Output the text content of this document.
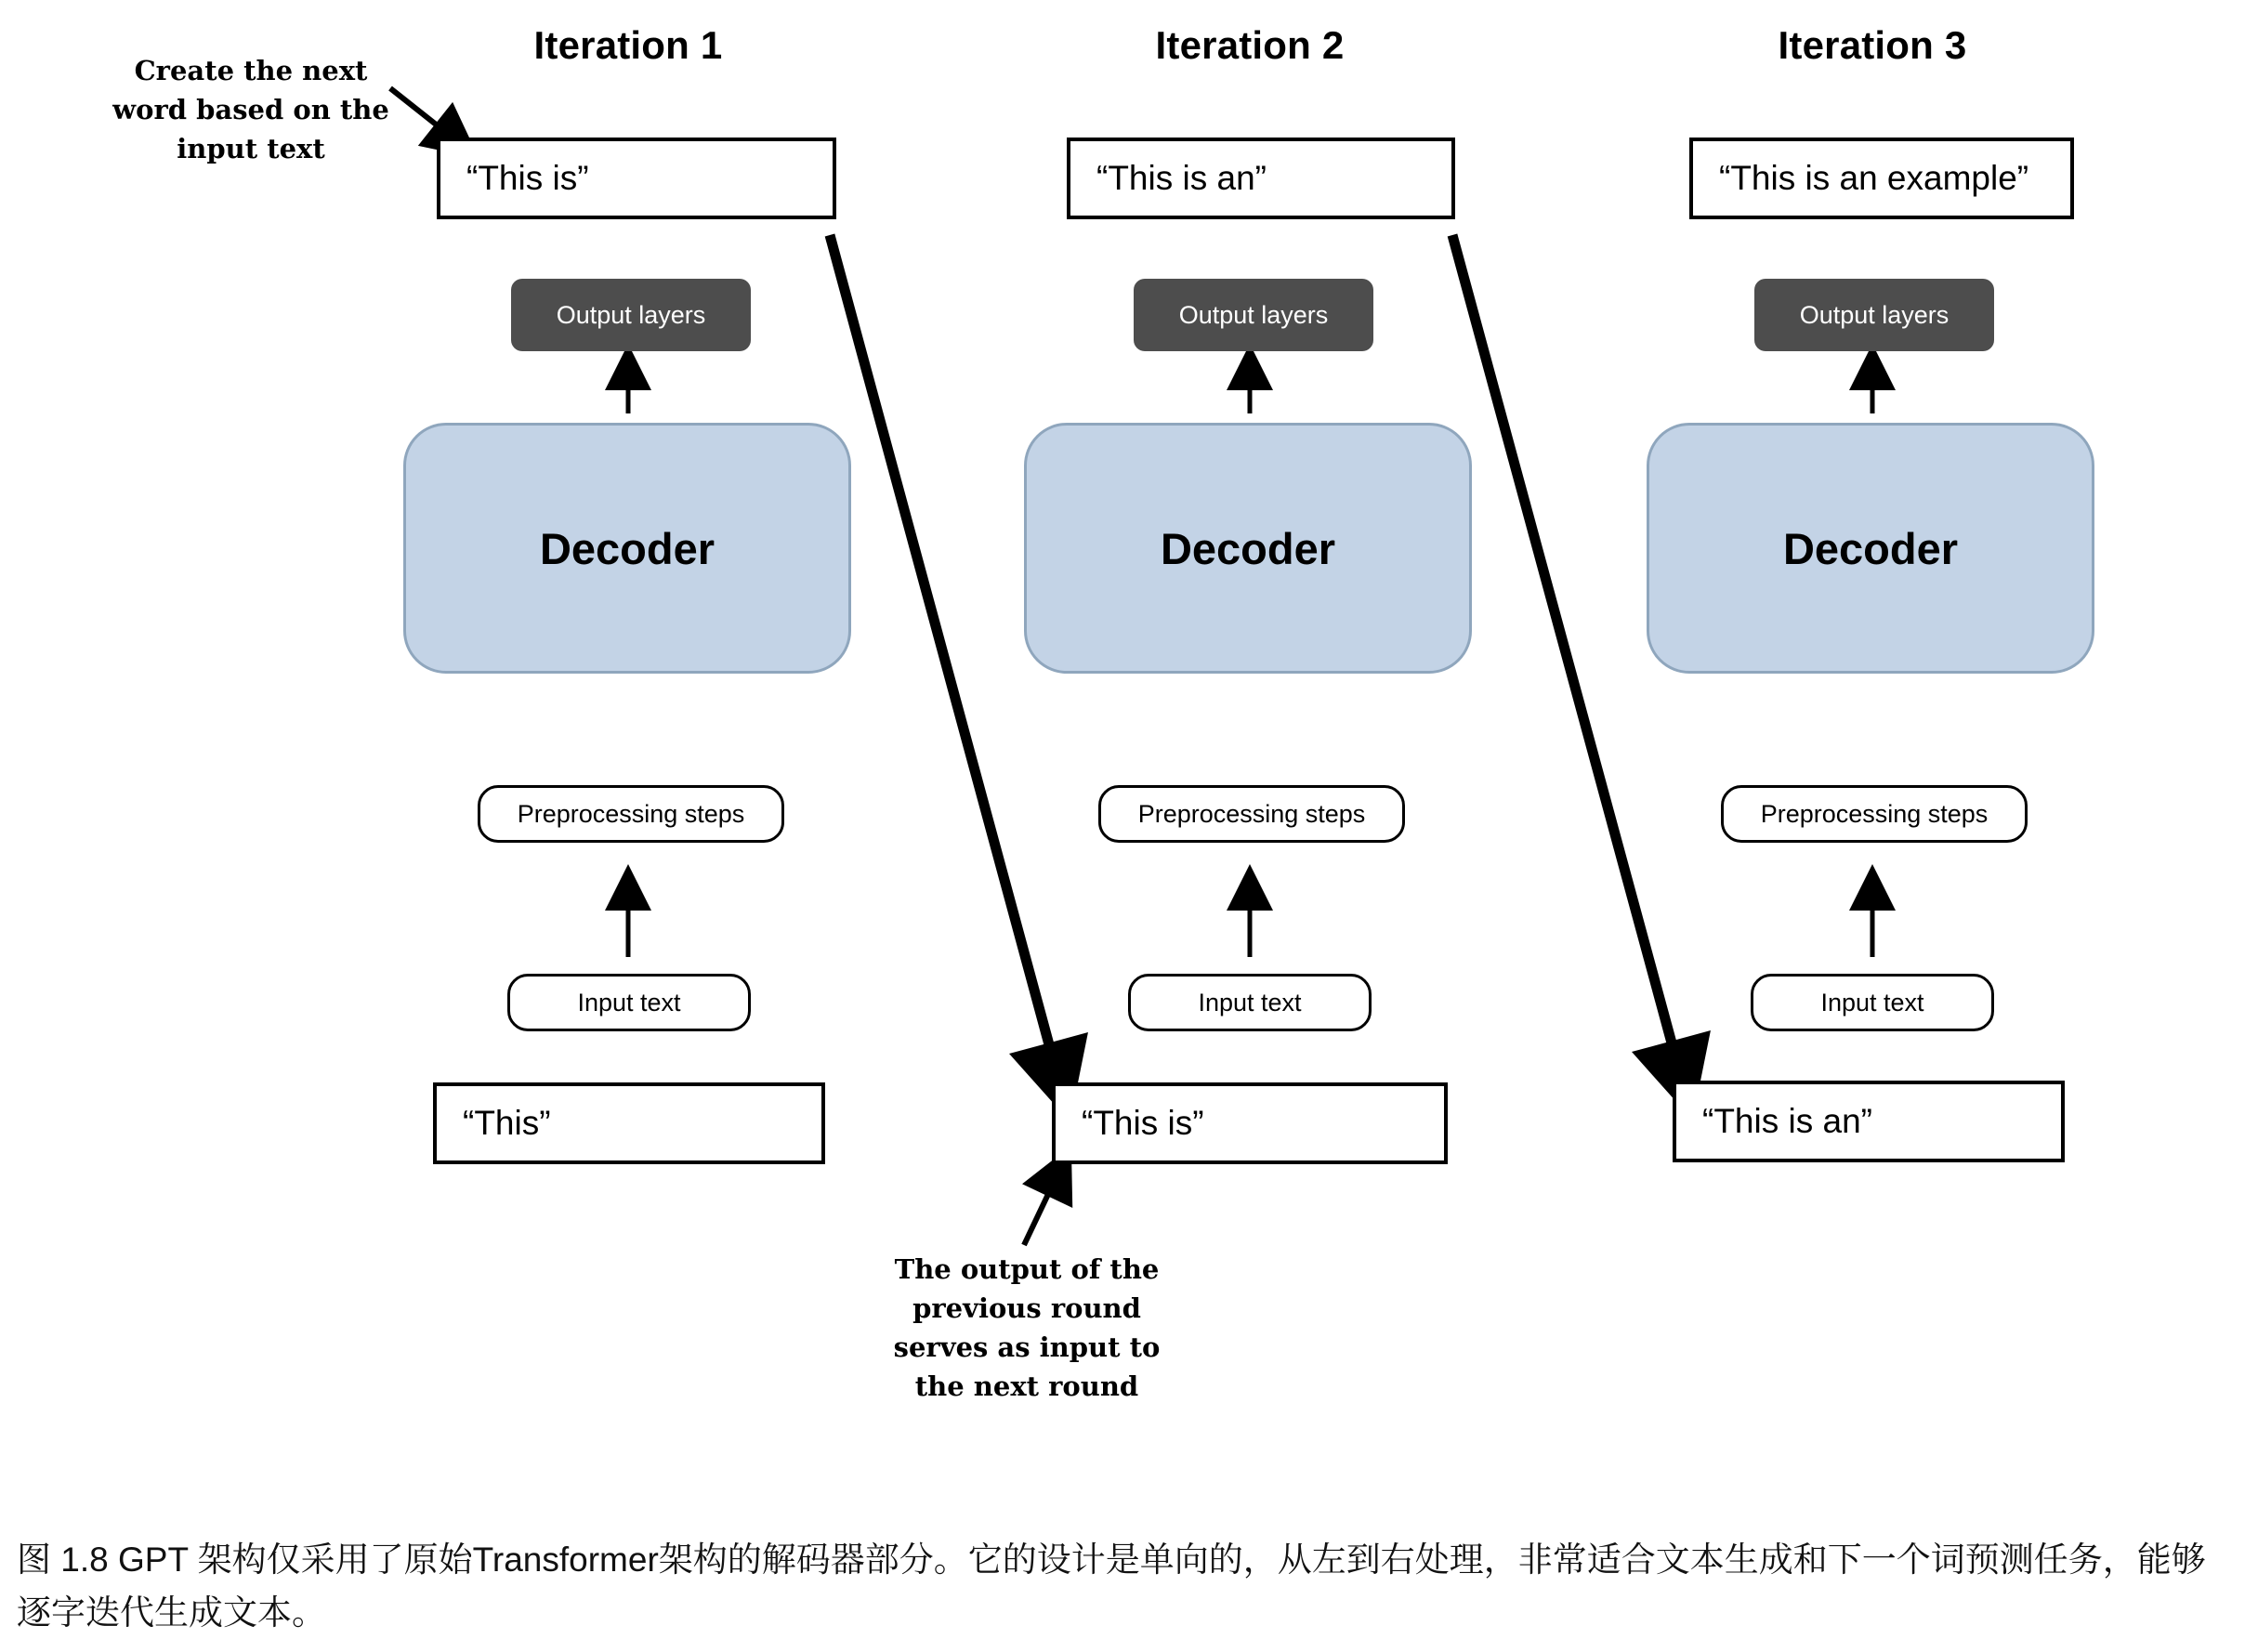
Create the next
word based on the
input text
The output of the
previous round
serves as input to
the next round
Iteration 1
“This is”
Output layers
Decoder
Preprocessing steps
Input text
“This”
Iteration 2
“This is an”
Output layers
Decoder
Preprocessing steps
Input text
“This is”
Iteration 3
“This is an example”
Output layers
Decoder
Preprocessing steps
Input text
“This is an”
图 1.8 GPT 架构仅采用了原始Transformer架构的解码器部分。它的设计是单向的，从左到右处理，非常适合文本生成和下一个词预测任务，能够逐字迭代生成文本。
